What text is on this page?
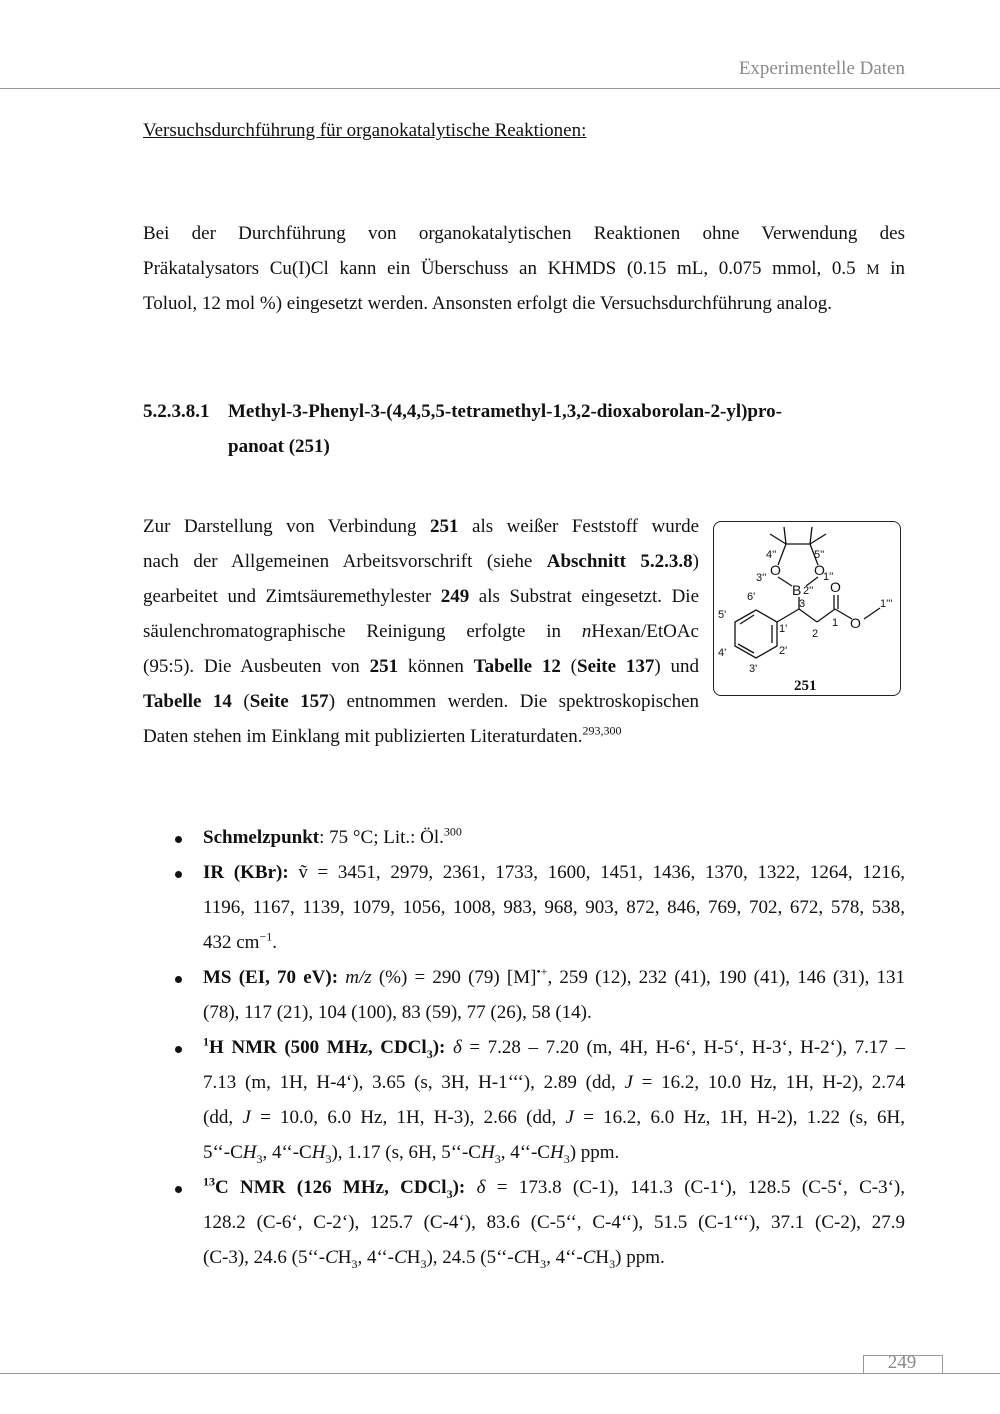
Experimentelle Daten
Versuchsdurchführung für organokatalytische Reaktionen:
Bei der Durchführung von organokatalytischen Reaktionen ohne Verwendung des
Präkatalysators Cu(I)Cl kann ein Überschuss an KHMDS (0.15 mL, 0.075 mmol, 0.5 M in
Toluol, 12 mol %) eingesetzt werden. Ansonsten erfolgt die Versuchsdurchführung analog.
5.2.3.8.1 Methyl-3-Phenyl-3-(4,4,5,5-tetramethyl-1,3,2-dioxaborolan-2-yl)pro-
panoat (251)
Zur Darstellung von Verbindung 251 als weißer Feststoff wurde
nach der Allgemeinen Arbeitsvorschrift (siehe Abschnitt 5.2.3.8)
gearbeitet und Zimtsäuremethylester 249 als Substrat eingesetzt. Die
säulenchromatographische Reinigung erfolgte in nHexan/EtOAc
(95:5). Die Ausbeuten von 251 können Tabelle 12 (Seite 137) und
Tabelle 14 (Seite 157) entnommen werden. Die spektroskopischen
Daten stehen im Einklang mit publizierten Literaturdaten.$^{293,300}$
4''	5''
O
3''	O
1''
B 2'' O
O
1'''
6'
5'
4'
3'
2'
1'
3
2
1
251
Schmelzpunkt: 75 °C; Lit.: Öl.$^{300}$
IR (KBr): ṽ = 3451, 2979, 2361, 1733, 1600, 1451, 1436, 1370, 1322, 1264, 1216,
1196, 1167, 1139, 1079, 1056, 1008, 983, 968, 903, 872, 846, 769, 702, 672, 578, 538,
432 $cm^{-1}$.
MS (EI, 70 eV): m/z (%) = 290 (79) [M]•+, 259 (12), 232 (41), 190 (41), 146 (31), 131
(78), 117 (21), 104 (100), 83 (59), 77 (26), 58 (14).
$^1$H NMR (500 MHz, CDCl$_3$): δ = 7.28 – 7.20 (m, 4H, H-6‘, H-5‘, H-3‘, H-2‘), 7.17 –
7.13 (m, 1H, H-4‘), 3.65 (s, 3H, H-1‘‘‘), 2.89 (dd, J = 16.2, 10.0 Hz, 1H, H-2), 2.74
(dd, J = 10.0, 6.0 Hz, 1H, H-3), 2.66 (dd, J = 16.2, 6.0 Hz, 1H, H-2), 1.22 (s, 6H,
$5‘‘-CH_3$, $4‘‘-CH_3$), 1.17 (s, 6H, $5‘‘-CH_3$, $4‘‘-CH_3$) ppm.
$^{13}$C NMR (126 MHz, CDCl$_3$): δ = 173.8 (C-1), 141.3 (C-1‘), 128.5 (C-5‘, C-3‘),
128.2 (C-6‘, C-2‘), 125.7 (C-4‘), 83.6 (C-5‘‘, C-4‘‘), 51.5 (C-1‘‘‘), 37.1 (C-2), 27.9
(C-3), 24.6 ($5‘‘-CH_3$, $4‘‘-CH_3$), 24.5 ($5‘‘-CH_3$, $4‘‘-CH_3$) ppm.
249
